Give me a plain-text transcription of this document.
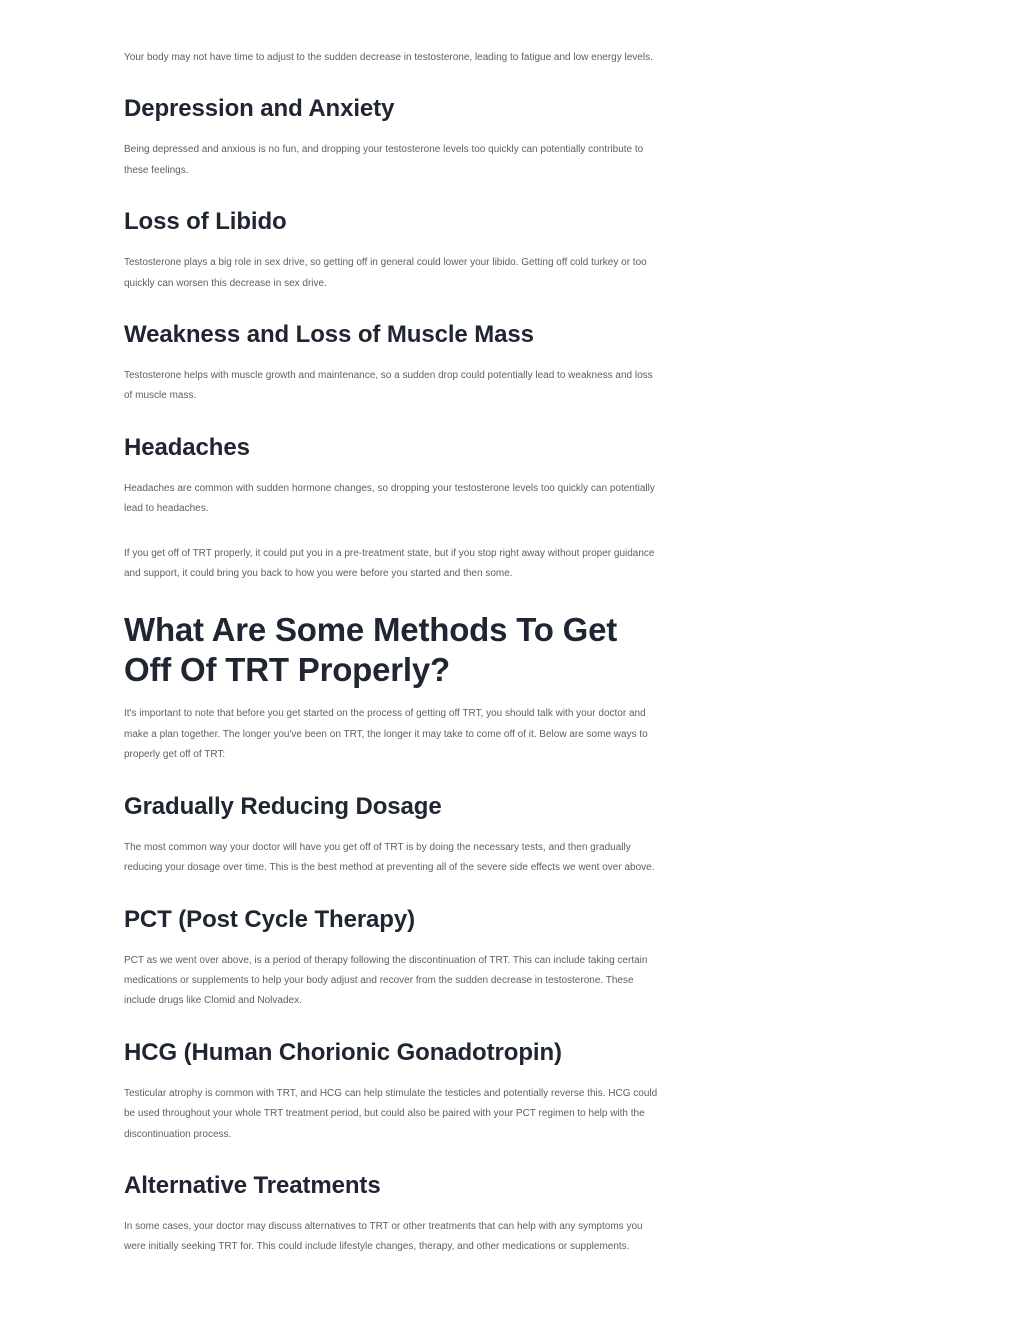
Your body may not have time to adjust to the sudden decrease in testosterone, leading to fatigue and low energy levels.

Depression and Anxiety

Being depressed and anxious is no fun, and dropping your testosterone levels too quickly can potentially contribute to these feelings.

Loss of Libido

Testosterone plays a big role in sex drive, so getting off in general could lower your libido. Getting off cold turkey or too quickly can worsen this decrease in sex drive.

Weakness and Loss of Muscle Mass

Testosterone helps with muscle growth and maintenance, so a sudden drop could potentially lead to weakness and loss of muscle mass.

Headaches

Headaches are common with sudden hormone changes, so dropping your testosterone levels too quickly can potentially lead to headaches.

If you get off of TRT properly, it could put you in a pre-treatment state, but if you stop right away without proper guidance and support, it could bring you back to how you were before you started and then some.

What Are Some Methods To Get Off Of TRT Properly?

It's important to note that before you get started on the process of getting off TRT, you should talk with your doctor and make a plan together. The longer you've been on TRT, the longer it may take to come off of it. Below are some ways to properly get off of TRT:

Gradually Reducing Dosage

The most common way your doctor will have you get off of TRT is by doing the necessary tests, and then gradually reducing your dosage over time. This is the best method at preventing all of the severe side effects we went over above.

PCT (Post Cycle Therapy)

PCT as we went over above, is a period of therapy following the discontinuation of TRT. This can include taking certain medications or supplements to help your body adjust and recover from the sudden decrease in testosterone. These include drugs like Clomid and Nolvadex.

HCG (Human Chorionic Gonadotropin)

Testicular atrophy is common with TRT, and HCG can help stimulate the testicles and potentially reverse this. HCG could be used throughout your whole TRT treatment period, but could also be paired with your PCT regimen to help with the discontinuation process.

Alternative Treatments

In some cases, your doctor may discuss alternatives to TRT or other treatments that can help with any symptoms you were initially seeking TRT for. This could include lifestyle changes, therapy, and other medications or supplements.
